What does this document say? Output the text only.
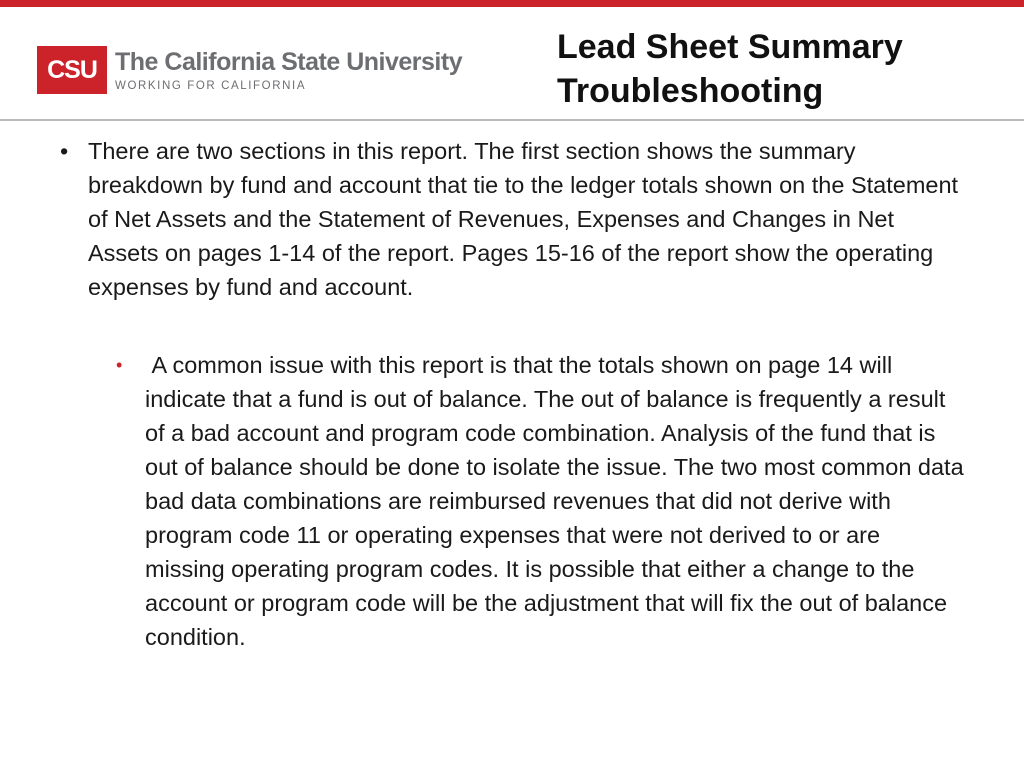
CSU The California State University
WORKING FOR CALIFORNIA
Lead Sheet Summary
Troubleshooting
• There are two sections in this report. The first section shows the summary breakdown by fund and account that tie to the ledger totals shown on the Statement of Net Assets and the Statement of Revenues, Expenses and Changes in Net Assets on pages 1-14 of the report. Pages 15-16 of the report show the operating expenses by fund and account.
• A common issue with this report is that the totals shown on page 14 will indicate that a fund is out of balance. The out of balance is frequently a result of a bad account and program code combination. Analysis of the fund that is out of balance should be done to isolate the issue. The two most common data bad data combinations are reimbursed revenues that did not derive with program code 11 or operating expenses that were not derived to or are missing operating program codes. It is possible that either a change to the account or program code will be the adjustment that will fix the out of balance condition.
